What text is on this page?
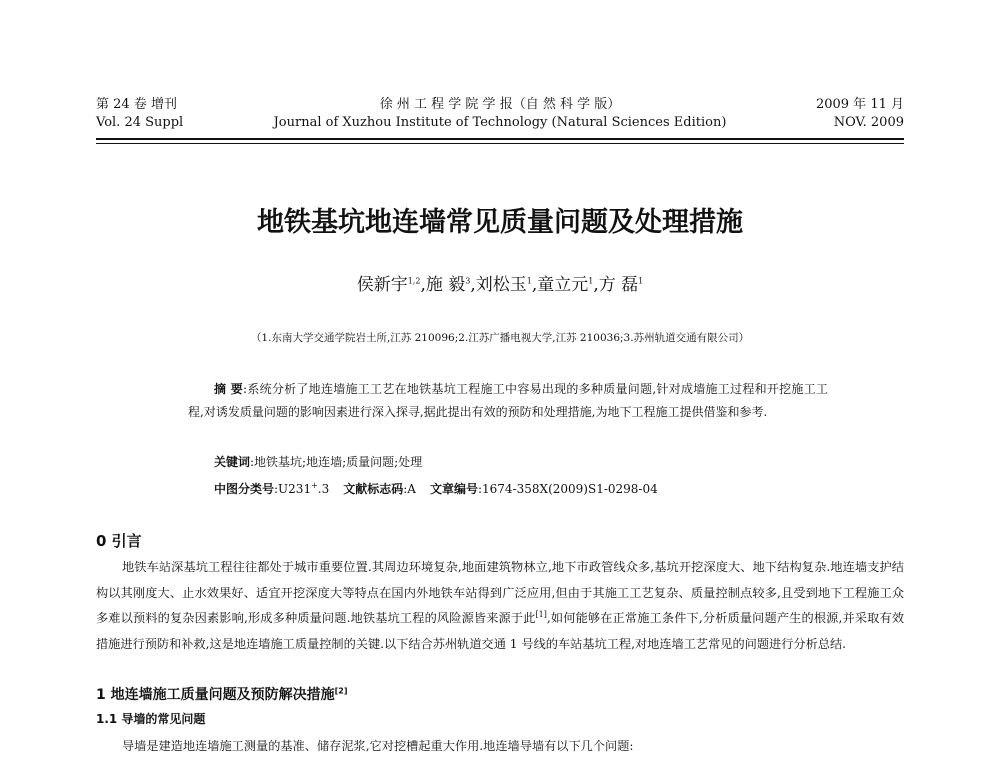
第 24 卷 增刊
Vol. 24 Suppl
徐 州 工 程 学 院 学 报（自 然 科 学 版）
Journal of Xuzhou Institute of Technology (Natural Sciences Edition)
2009 年 11 月
NOV. 2009
地铁基坑地连墙常见质量问题及处理措施
侯新宇$^{1,2}$,施 毅$^3$,刘松玉$^1$,童立元$^1$,方 磊$^1$
（1.东南大学交通学院岩土所,江苏 210096;2.江苏广播电视大学,江苏 210036;3.苏州轨道交通有限公司）

摘 要:系统分析了地连墙施工工艺在地铁基坑工程施工中容易出现的多种质量问题,针对成墙施工过程和开挖施工工程,对诱发质量问题的影响因素进行深入探寻,据此提出有效的预防和处理措施,为地下工程施工提供借鉴和参考.

关键词:地铁基坑;地连墙;质量问题;处理
中图分类号:U231+.3 文献标志码:A 文章编号:1674-358X(2009)S1-0298-04
0 引言

地铁车站深基坑工程往往都处于城市重要位置.其周边环境复杂,地面建筑物林立,地下市政管线众多,基坑开挖深度大、地下结构复杂.地连墙支护结构以其刚度大、止水效果好、适宜开挖深度大等特点在国内外地铁车站得到广泛应用,但由于其施工工艺复杂、质量控制点较多,且受到地下工程施工众多难以预料的复杂因素影响,形成多种质量问题.地铁基坑工程的风险源皆来源于此[1],如何能够在正常施工条件下,分析质量问题产生的根源,并采取有效措施进行预防和补救,这是地连墙施工质量控制的关键.以下结合苏州轨道交通 1 号线的车站基坑工程,对地连墙工艺常见的问题进行分析总结.

1 地连墙施工质量问题及预防解决措施[2]
1.1 导墙的常见问题

导墙是建造地连墙施工测量的基准、储存泥浆,它对挖槽起重大作用.地连墙导墙有以下几个问题:
